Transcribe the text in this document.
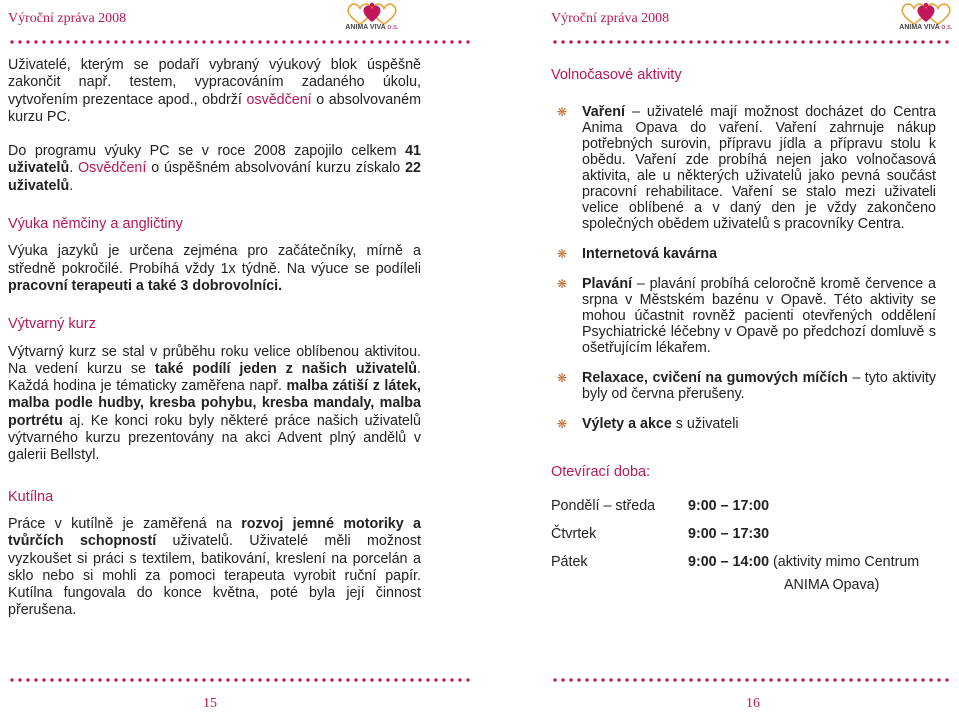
Výroční zpráva 2008
ANIMA VIVA o.s.

Uživatelé, kterým se podaří vybraný výukový blok úspěšně zakončit např. testem, vypracováním zadaného úkolu, vytvořením prezentace apod., obdrží osvědčení o absolvovaném kurzu PC.

Do programu výuky PC se v roce 2008 zapojilo celkem 41 uživatelů. Osvědčení o úspěšném absolvování kurzu získalo 22 uživatelů.

Výuka němčiny a angličtiny

Výuka jazyků je určena zejména pro začátečníky, mírně a středně pokročilé. Probíhá vždy 1x týdně. Na výuce se podíleli pracovní terapeuti a také 3 dobrovolníci.

Výtvarný kurz

Výtvarný kurz se stal v průběhu roku velice oblíbenou aktivitou. Na vedení kurzu se také podílí jeden z našich uživatelů. Každá hodina je tématicky zaměřena např. malba zátiší z látek, malba podle hudby, kresba pohybu, kresba mandaly, malba portrétu aj. Ke konci roku byly některé práce našich uživatelů výtvarného kurzu prezentovány na akci Advent plný andělů v galerii Bellstyl.

Kutílna

Práce v kutílně je zaměřená na rozvoj jemné motoriky a tvůrčích schopností uživatelů. Uživatelé měli možnost vyzkoušet si práci s textilem, batikování, kreslení na porcelán a sklo nebo si mohli za pomoci terapeuta vyrobit ruční papír. Kutílna fungovala do konce května, poté byla její činnost přerušena.

15
Výroční zpráva 2008
ANIMA VIVA o.s.

Volnočasové aktivity

❋ Vaření – uživatelé mají možnost docházet do Centra Anima Opava do vaření. Vaření zahrnuje nákup potřebných surovin, přípravu jídla a přípravu stolu k obědu. Vaření zde probíhá nejen jako volnočasová aktivita, ale u některých uživatelů jako pevná součást pracovní rehabilitace. Vaření se stalo mezi uživateli velice oblíbené a v daný den je vždy zakončeno společných obědem uživatelů s pracovníky Centra.
❋ Internetová kavárna
❋ Plavání – plavání probíhá celoročně kromě července a srpna v Městském bazénu v Opavě. Této aktivity se mohou účastnit rovněž pacienti otevřených oddělení Psychiatrické léčebny v Opavě po předchozí domluvě s ošetřujícím lékařem.
❋ Relaxace, cvičení na gumových míčích – tyto aktivity byly od června přerušeny.
❋ Výlety a akce s uživateli

Otevírací doba:

Pondělí – středa	9:00 – 17:00
Čtvrtek	9:00 – 17:30
Pátek	9:00 – 14:00 (aktivity mimo Centrum
	ANIMA Opava)
16
